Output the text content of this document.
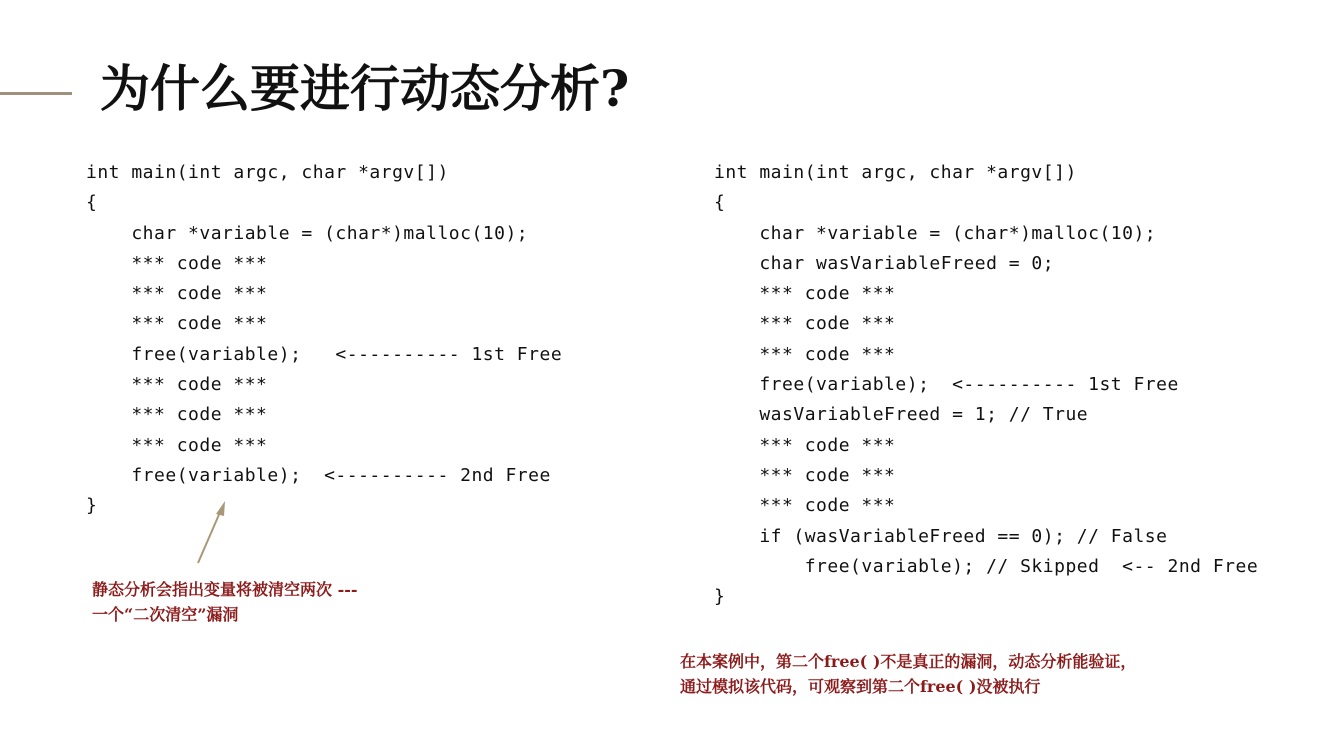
为什么要进行动态分析?
int main(int argc, char *argv[])
{
char *variable = (char*)malloc(10);
*** code ***
*** code ***
*** code ***
free(variable);   <---------- 1st Free
*** code ***
*** code ***
*** code ***
free(variable);  <---------- 2nd Free
}
int main(int argc, char *argv[])
{
char *variable = (char*)malloc(10);
char wasVariableFreed = 0;
*** code ***
*** code ***
*** code ***
free(variable);  <---------- 1st Free
wasVariableFreed = 1; // True
*** code ***
*** code ***
*** code ***
if (wasVariableFreed == 0); // False
free(variable); // Skipped  <-- 2nd Free
}
静态分析会指出变量将被清空两次 ---
一个“二次清空”漏洞
在本案例中，第二个free( )不是真正的漏洞，动态分析能验证，
通过模拟该代码，可观察到第二个free( )没被执行
